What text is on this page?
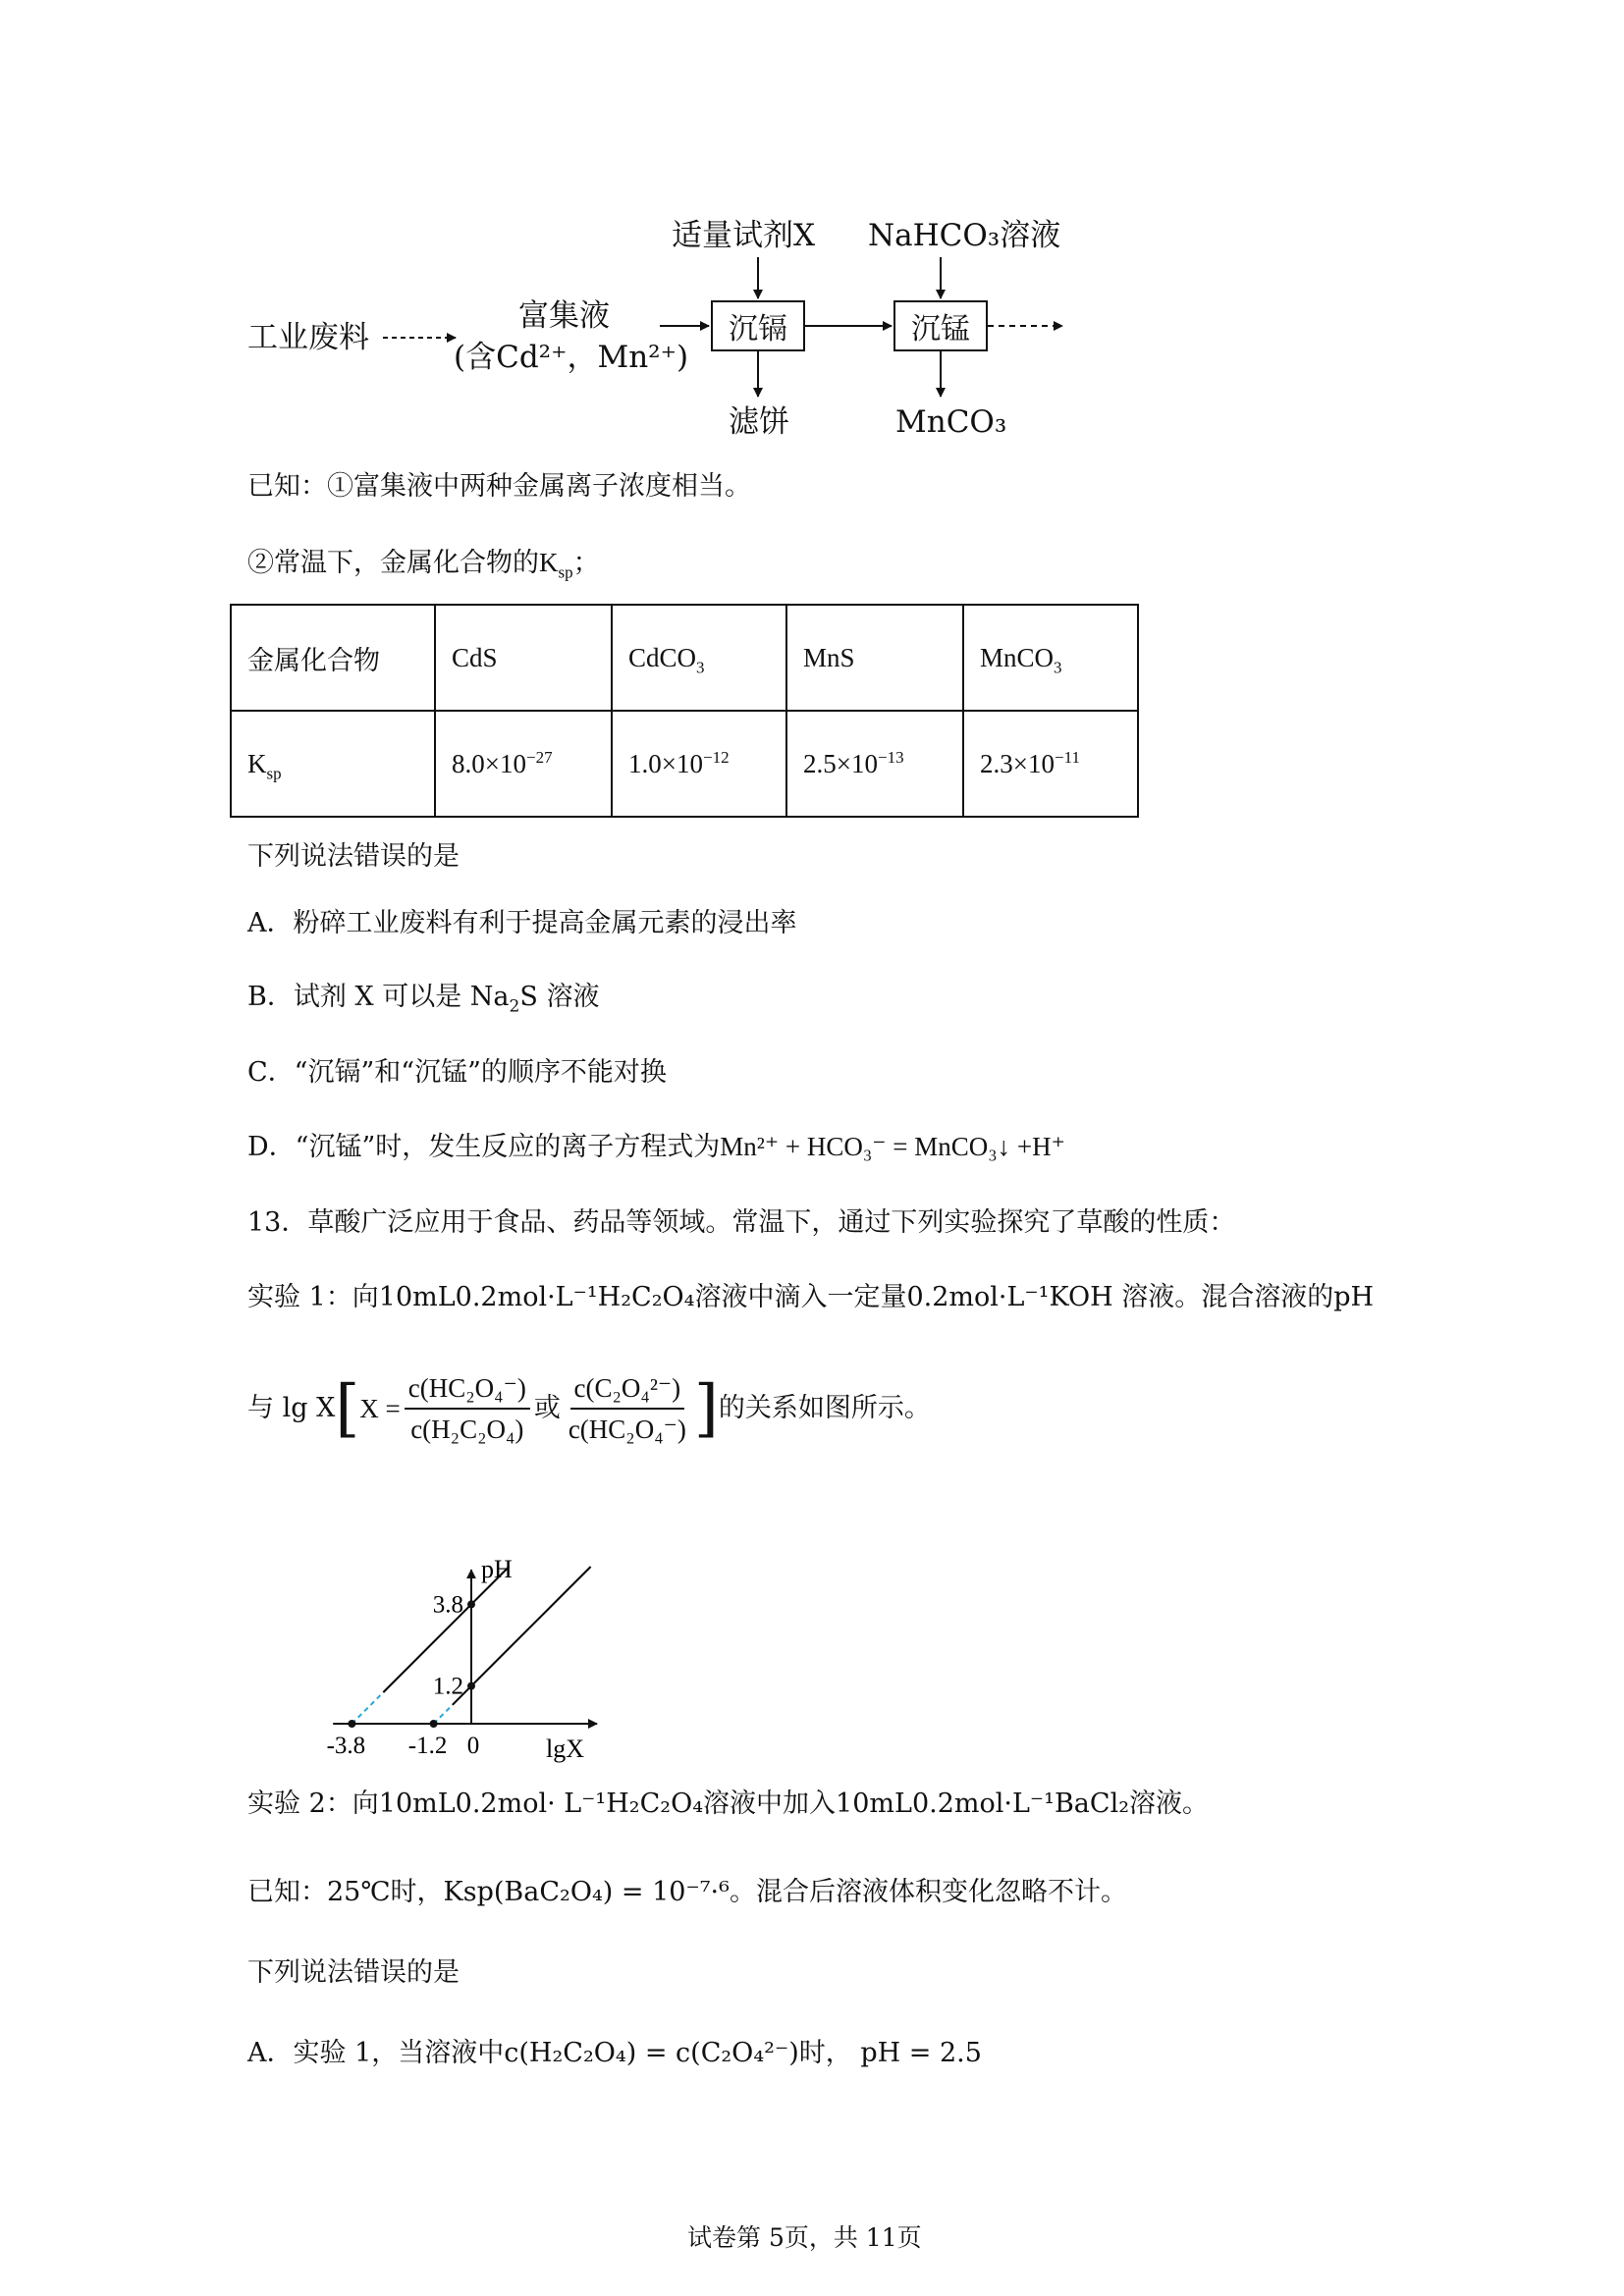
适量试剂X NaHCO₃溶液
工业废料
富集液
(含Cd²⁺，Mn²⁺)
沉镉	沉锰
滤饼	MnCO₃
已知：①富集液中两种金属离子浓度相当。
②常温下，金属化合物的$K_{sp}$；
金属化合物	CdS	CdCO$_3$	MnS	MnCO$_3$
$K_{sp}$	$8.0\times 10^{-27}$	$1.0\times 10^{-12}$	$2.5\times 10^{-13}$	$2.3\times 10^{-11}$
下列说法错误的是
A．粉碎工业废料有利于提高金属元素的浸出率
B．试剂 X 可以是 $Na_2S$ 溶液
C．“沉镉”和“沉锰”的顺序不能对换
D．“沉锰”时，发生反应的离子方程式为Mn²⁺ + HCO₃⁻ = MnCO₃↓ +H⁺
13．草酸广泛应用于食品、药品等领域。常温下，通过下列实验探究了草酸的性质：
实验 1：向10mL0.2mol·L⁻¹H₂C₂O₄溶液中滴入一定量0.2mol·L⁻¹KOH 溶液。混合溶液的pH
与 lg X [ $X = \frac{\text{c(HC₂O₄⁻)}}{\text{c(H₂C₂O₄)}}$ 或 $\frac{\text{c(C₂O₄²⁻)}}{\text{c(HC₂O₄⁻)}}$ ] 的关系如图所示。
-3.8 -1.2 0
3.8
1.2
pH
lgX
实验 2：向10mL0.2mol· L⁻¹H₂C₂O₄溶液中加入10mL0.2mol·L⁻¹BaCl₂溶液。
已知：25℃时，Ksp(BaC₂O₄) = 10⁻⁷·⁶。混合后溶液体积变化忽略不计。
下列说法错误的是
A．实验 1，当溶液中c(H₂C₂O₄) = c(C₂O₄²⁻)时， pH = 2.5
试卷第 5页，共 11页
